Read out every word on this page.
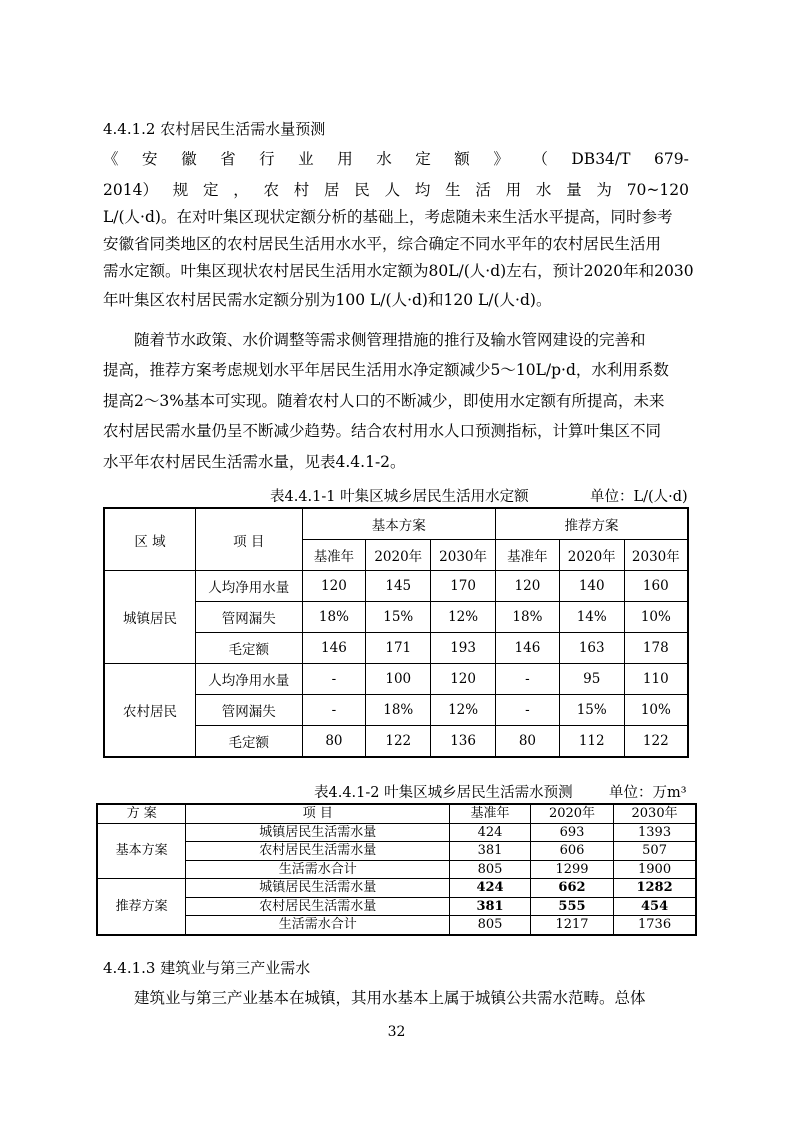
4.4.1.2 农村居民生活需水量预测
《 安 徽 省 行 业 用 水 定 额 》 （ DB34/T 679-
2014） 规 定 ， 农 村 居 民 人 均 生 活 用 水 量 为 70~120
L/(人·d)。在对叶集区现状定额分析的基础上，考虑随未来生活水平提高，同时参考
安徽省同类地区的农村居民生活用水水平，综合确定不同水平年的农村居民生活用
需水定额。叶集区现状农村居民生活用水定额为80L/(人·d)左右，预计2020年和2030
年叶集区农村居民需水定额分别为100 L/(人·d)和120 L/(人·d)。
随着节水政策、水价调整等需求侧管理措施的推行及输水管网建设的完善和
提高，推荐方案考虑规划水平年居民生活用水净定额减少5～10L/p·d，水利用系数
提高2～3%基本可实现。随着农村人口的不断减少，即使用水定额有所提高，未来
农村居民需水量仍呈不断减少趋势。结合农村用水人口预测指标，计算叶集区不同
水平年农村居民生活需水量，见表4.4.1-2。
表4.4.1-1 叶集区城乡居民生活用水定额	单位：L/(人·d)
区 域	项 目	基本方案			推荐方案		
		基准年	2020年	2030年	基准年	2020年	2030年
城镇居民	人均净用水量	120	145	170	120	140	160
	管网漏失	18%	15%	12%	18%	14%	10%
	毛定额	146	171	193	146	163	178
农村居民	人均净用水量	-	100	120	-	95	110
	管网漏失	-	18%	12%	-	15%	10%
	毛定额	80	122	136	80	112	122
表4.4.1-2 叶集区城乡居民生活需水预测	单位：万m³
方 案	项 目	基准年	2020年	2030年
基本方案	城镇居民生活需水量	424	693	1393
	农村居民生活需水量	381	606	507
	生活需水合计	805	1299	1900
推荐方案	城镇居民生活需水量	424	662	1282
	农村居民生活需水量	381	555	454
	生活需水合计	805	1217	1736
4.4.1.3 建筑业与第三产业需水
建筑业与第三产业基本在城镇，其用水基本上属于城镇公共需水范畴。总体
32
